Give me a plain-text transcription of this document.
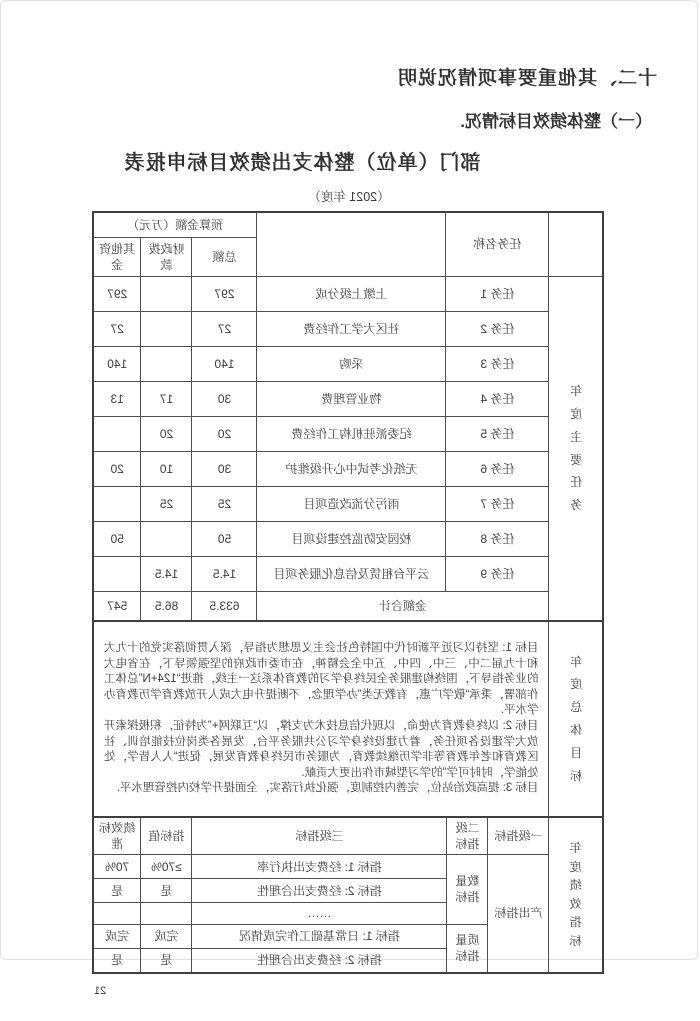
十二、其他重要事项情况说明
（一）整体绩效目标情况.
部门（单位）整体支出绩效目标申报表
（2021 年度）
	任务名称		预算金额（万元）		
			总额	财政拨款	其他资金

年度主要任务	任务 1	上缴上级分成	297		297
	任务 2	社区大学工作经费	27		27
	任务 3	采购	140		140
	任务 4	物业管理费	30	17	13
	任务 5	纪委派驻机构工作经费	20	20	
	任务 6	无纸化考试中心升级维护	30	10	20
	任务 7	雨污分流改造项目	25	25	
	任务 8	校园安防监控建设项目	50		50
	任务 9	云平台租赁及信息化服务项目	14.5	14.5	
	金额合计		633.5	86.5	547
年度总体目标

目标 1: 坚持以习近平新时代中国特色社会主义思想为指导，深入贯彻落实党的十九大和十九届二中、三中、四中、五中全会精神，在市委市政府的坚强领导下，在省电大的业务指导下，围绕构建服务全民终身学习的教育体系这一主线，推进“124+N”总体工作部署，秉承“敬学广惠，有教无类”办学理念，不断提升电大成人开放教育学历教育办学水平.

目标 2: 以终身教育为使命，以现代信息技术为支撑，以“互联网+”为特征，积极探索开放大学建设各项任务，着力建设终身学习公共服务平台，发展各类岗位技能培训、社区教育和老年教育等非学历继续教育，为服务市民终身教育发展，促进“人人皆学，处处能学，时时可学”的学习型城市作出更大贡献.

目标 3: 提高政治站位，完善内控制度，强化执行落实，全面提升学校内控管理水平.

年度绩效指标	一级指标	二级指标	三级指标	指标值	绩效标准
	产出指标	数量指标	指标 1: 经费支出执行率	≥70%	70%
			指标 2: 经费支出合理性	是	是
			……		
		质量指标	指标 1: 日常基础工作完成情况	完成	完成
			指标 2: 经费支出合理性	是	是
21
